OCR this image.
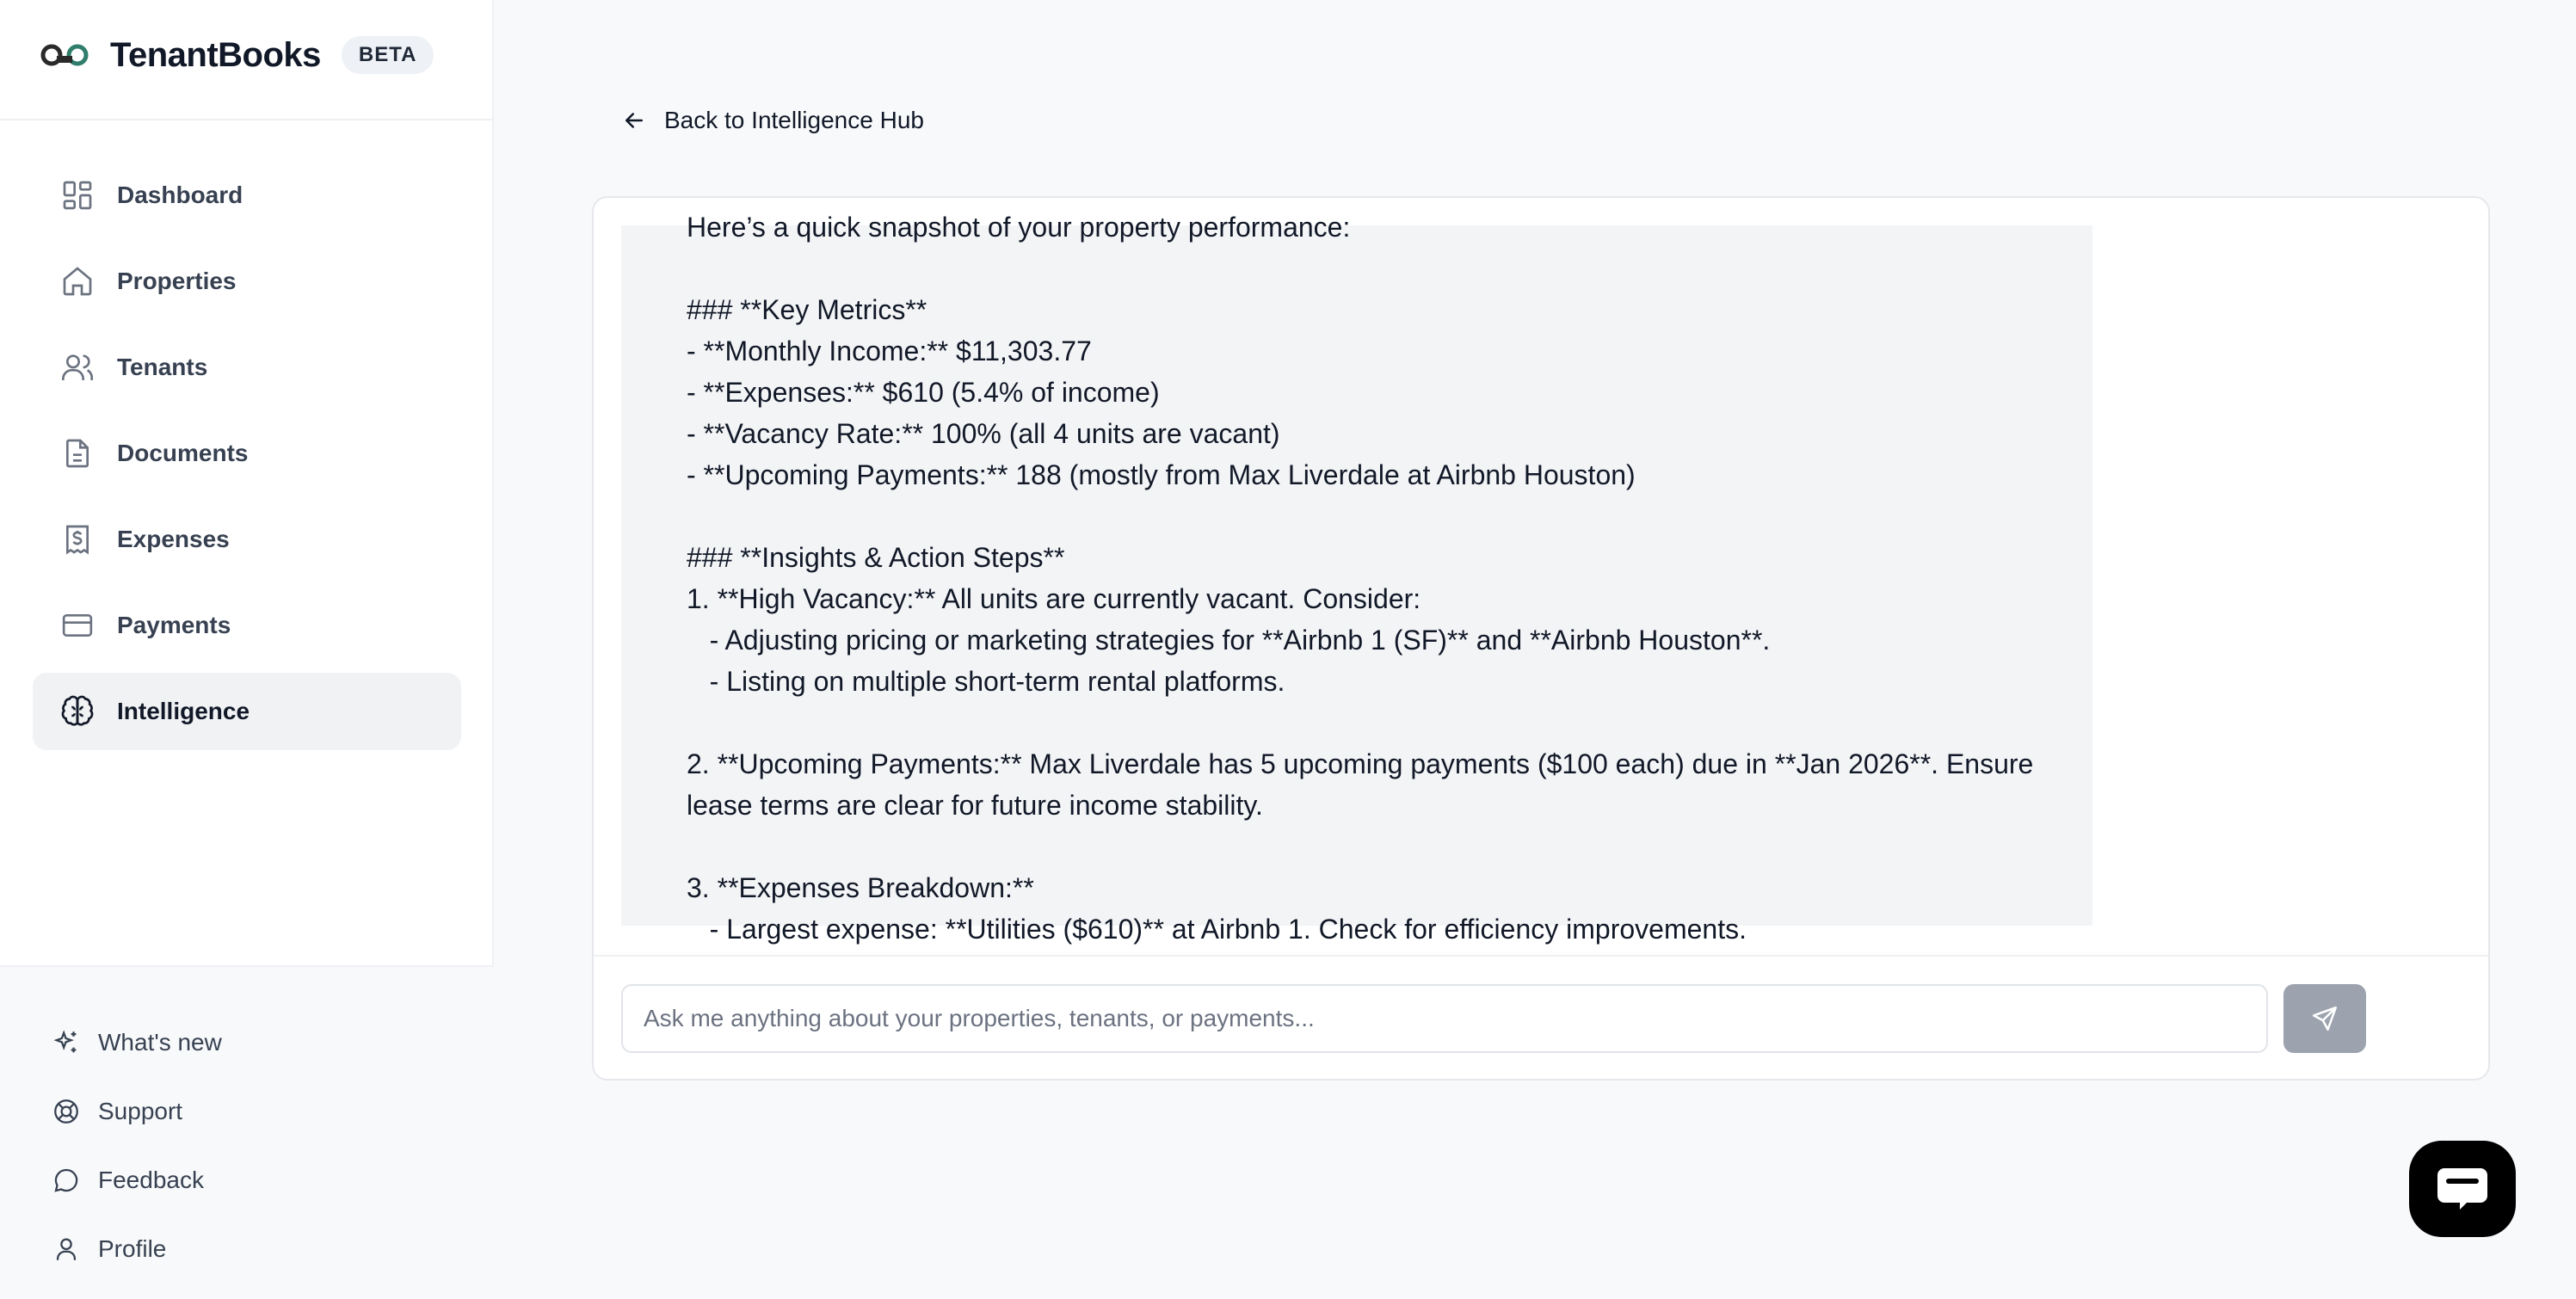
TenantBooks	BETA
Dashboard
Properties
Tenants
Documents
Expenses
Payments
Intelligence
What's new
Support
Feedback
Profile
Back to Intelligence Hub
Here’s a quick snapshot of your property performance:

### **Key Metrics**
- **Monthly Income:** $11,303.77
- **Expenses:** $610 (5.4% of income)
- **Vacancy Rate:** 100% (all 4 units are vacant)
- **Upcoming Payments:** 188 (mostly from Max Liverdale at Airbnb Houston)

### **Insights & Action Steps**
1. **High Vacancy:** All units are currently vacant. Consider:
- Adjusting pricing or marketing strategies for **Airbnb 1 (SF)** and **Airbnb Houston**.
- Listing on multiple short-term rental platforms.

2. **Upcoming Payments:** Max Liverdale has 5 upcoming payments ($100 each) due in **Jan 2026**. Ensure lease terms are clear for future income stability.

3. **Expenses Breakdown:**
- Largest expense: **Utilities ($610)** at Airbnb 1. Check for efficiency improvements.
Ask me anything about your properties, tenants, or payments...
